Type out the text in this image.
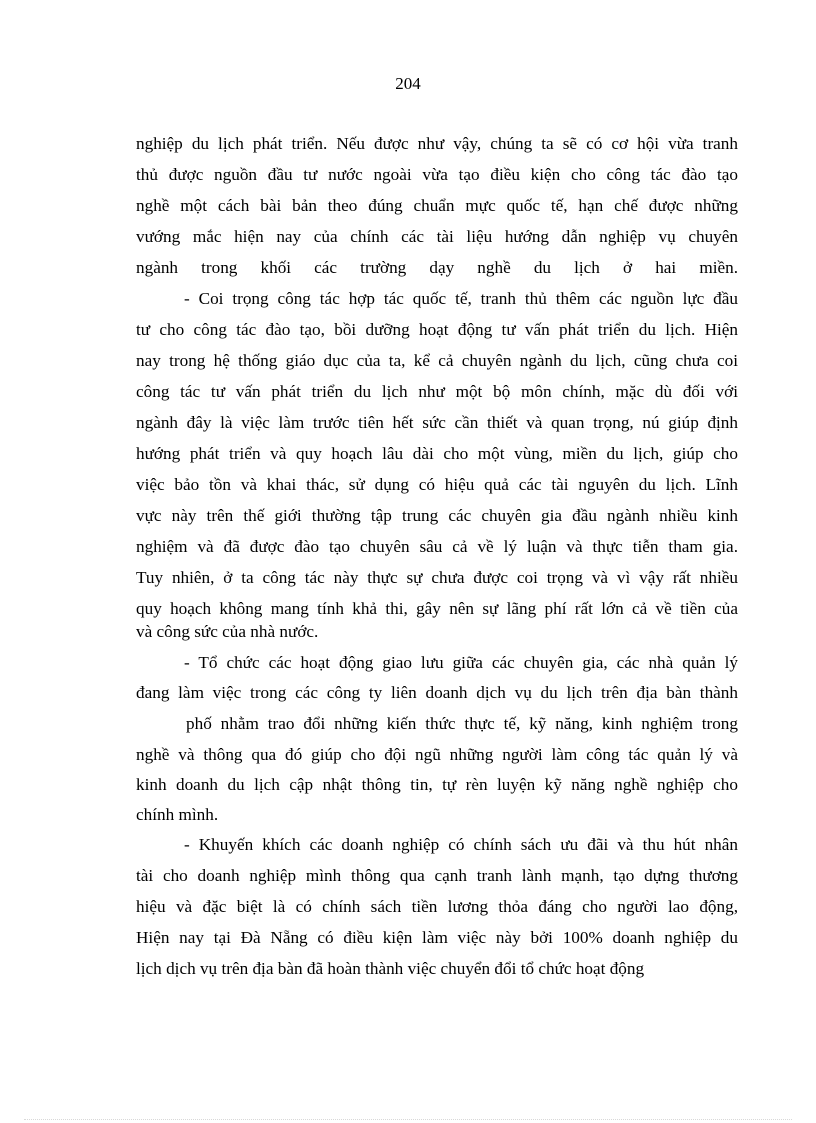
204
nghiệp du lịch phát triển. Nếu được như vậy, chúng ta sẽ có cơ hội vừa tranh
thủ được nguồn đầu tư nước ngoài vừa tạo điều kiện cho công tác đào tạo
nghề một cách bài bản theo đúng chuẩn mực quốc tế, hạn chế được những
vướng mắc hiện nay của chính các tài liệu hướng dẫn nghiệp vụ chuyên
ngành trong khối các trường dạy nghề du lịch ở hai miền.
- Coi trọng công tác hợp tác quốc tế, tranh thủ thêm các nguồn lực đầu
tư cho công tác đào tạo, bồi dưỡng hoạt động tư vấn phát triển du lịch. Hiện
nay trong hệ thống giáo dục của ta, kể cả chuyên ngành du lịch, cũng chưa coi
công tác tư vấn phát triển du lịch như một bộ môn chính, mặc dù đối với
ngành đây là việc làm trước tiên hết sức cần thiết và quan trọng, nú giúp định
hướng phát triển và quy hoạch lâu dài cho một vùng, miền du lịch, giúp cho
việc bảo tồn và khai thác, sử dụng có hiệu quả các tài nguyên du lịch. Lĩnh
vực này trên thế giới thường tập trung các chuyên gia đầu ngành nhiều kinh
nghiệm và đã được đào tạo chuyên sâu cả về lý luận và thực tiễn tham gia.
Tuy nhiên, ở ta công tác này thực sự chưa được coi trọng và vì vậy rất nhiều
quy hoạch không mang tính khả thi, gây nên sự lãng phí rất lớn cả về tiền của
và công sức của nhà nước.
- Tổ chức các hoạt động giao lưu giữa các chuyên gia, các nhà quản lý
đang làm việc trong các công ty liên doanh dịch vụ du lịch trên địa bàn thành
phố nhằm trao đổi những kiến thức thực tế, kỹ năng, kinh nghiệm trong
nghề và thông qua đó giúp cho đội ngũ những người làm công tác quản lý và
kinh doanh du lịch cập nhật thông tin, tự rèn luyện kỹ năng nghề nghiệp cho
chính mình.
- Khuyến khích các doanh nghiệp có chính sách ưu đãi và thu hút nhân
tài cho doanh nghiệp mình thông qua cạnh tranh lành mạnh, tạo dựng thương
hiệu và đặc biệt là có chính sách tiền lương thỏa đáng cho người lao động,
Hiện nay tại Đà Nẵng có điều kiện làm việc này bởi 100% doanh nghiệp du
lịch dịch vụ trên địa bàn đã hoàn thành việc chuyển đổi tổ chức hoạt động
